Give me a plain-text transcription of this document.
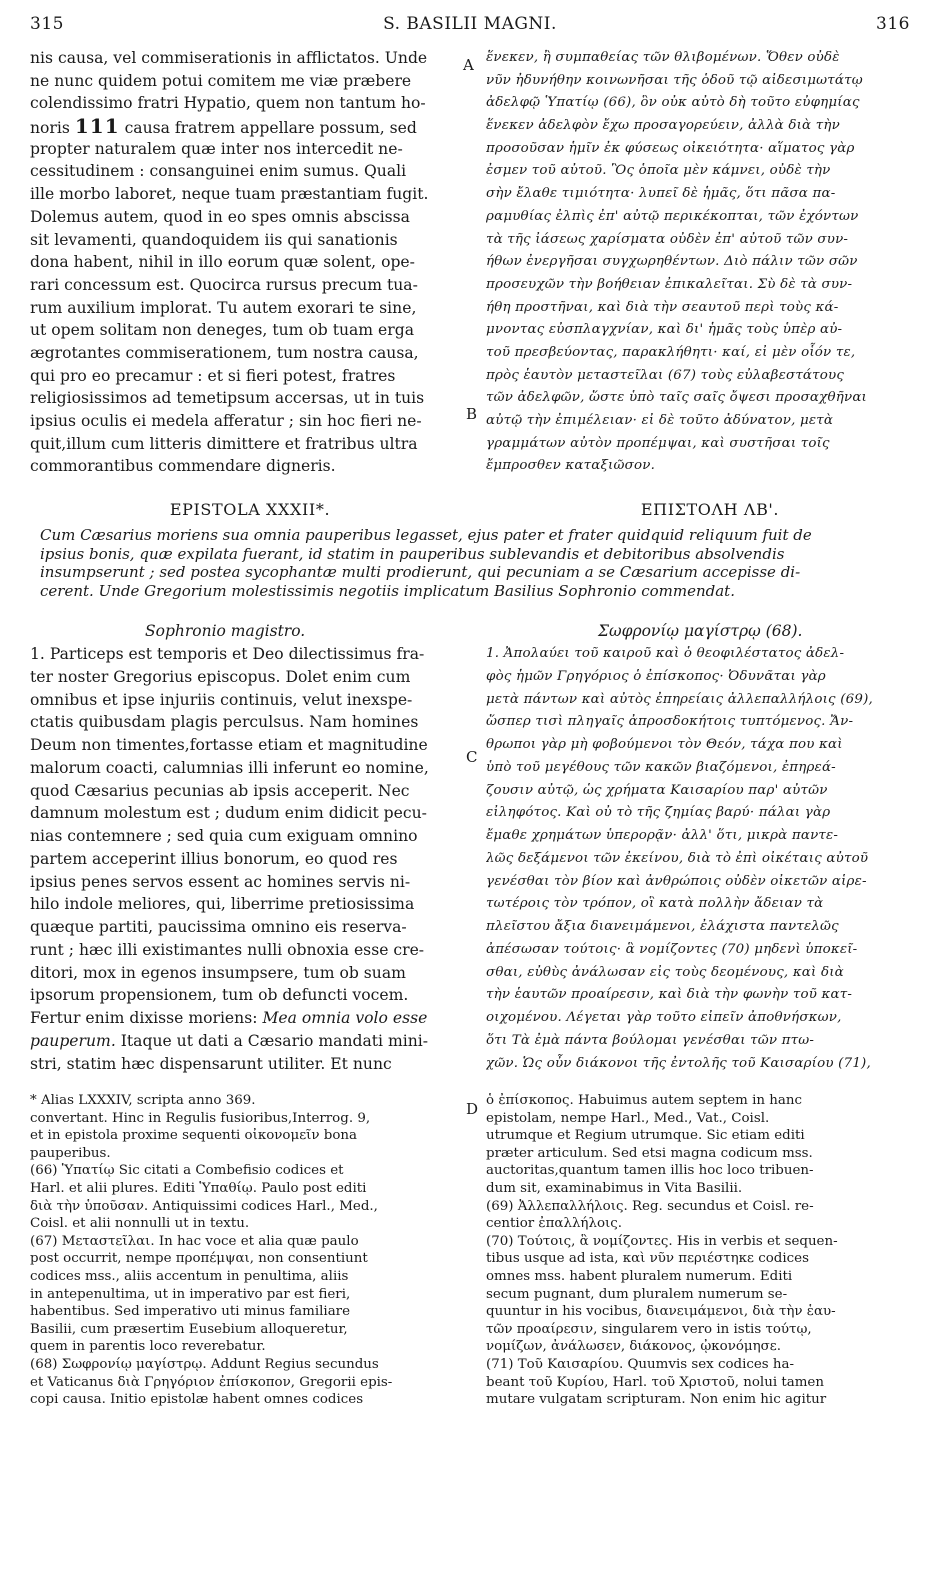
315	S. BASILII MAGNI.	316
A
B
C
D
nis causa, vel commiserationis in afflictatos. Unde
ne nunc quidem potui comitem me viæ præbere
colendissimo fratri Hypatio, quem non tantum ho-
noris 111 causa fratrem appellare possum, sed
propter naturalem quæ inter nos intercedit ne-
cessitudinem : consanguinei enim sumus. Quali
ille morbo laboret, neque tuam præstantiam fugit.
Dolemus autem, quod in eo spes omnis abscissa
sit levamenti, quandoquidem iis qui sanationis
dona habent, nihil in illo eorum quæ solent, ope-
rari concessum est. Quocirca rursus precum tua-
rum auxilium implorat. Tu autem exorari te sine,
ut opem solitam non deneges, tum ob tuam erga
ægrotantes commiserationem, tum nostra causa,
qui pro eo precamur : et si fieri potest, fratres
religiosissimos ad temetipsum accersas, ut in tuis
ipsius oculis ei medela afferatur ; sin hoc fieri ne-
quit,illum cum litteris dimittere et fratribus ultra
commorantibus commendare digneris.
ἕνεκεν, ἢ συμπαθείας τῶν θλιβομένων. Ὅθεν οὐδὲ
νῦν ἠδυνήθην κοινωνῆσαι τῆς ὁδοῦ τῷ αἰδεσιμωτάτῳ
ἀδελφῷ Ὑπατίῳ (66), ὃν οὐκ αὐτὸ δὴ τοῦτο εὐφημίας
ἕνεκεν ἀδελφὸν ἔχω προσαγορεύειν, ἀλλὰ διὰ τὴν
προσοῦσαν ἡμῖν ἐκ φύσεως οἰκειότητα· αἵματος γὰρ
ἐσμεν τοῦ αὐτοῦ. Ὃς ὁποῖα μὲν κάμνει, οὐδὲ τὴν
σὴν ἔλαθε τιμιότητα· λυπεῖ δὲ ἡμᾶς, ὅτι πᾶσα πα-
ραμυθίας ἐλπὶς ἐπ' αὐτῷ περικέκοπται, τῶν ἐχόντων
τὰ τῆς ἰάσεως χαρίσματα οὐδὲν ἐπ' αὐτοῦ τῶν συν-
ήθων ἐνεργῆσαι συγχωρηθέντων. Διὸ πάλιν τῶν σῶν
προσευχῶν τὴν βοήθειαν ἐπικαλεῖται. Σὺ δὲ τὰ συν-
ήθη προστῆναι, καὶ διὰ τὴν σεαυτοῦ περὶ τοὺς κά-
μνοντας εὐσπλαγχνίαν, καὶ δι' ἡμᾶς τοὺς ὑπὲρ αὐ-
τοῦ πρεσβεύοντας, παρακλήθητι· καί, εἰ μὲν οἷόν τε,
πρὸς ἑαυτὸν μεταστεῖλαι (67) τοὺς εὐλαβεστάτους
τῶν ἀδελφῶν, ὥστε ὑπὸ ταῖς σαῖς ὄψεσι προσαχθῆναι
αὐτῷ τὴν ἐπιμέλειαν· εἰ δὲ τοῦτο ἀδύνατον, μετὰ
γραμμάτων αὐτὸν προπέμψαι, καὶ συστῆσαι τοῖς
ἔμπροσθεν καταξιῶσον.
EPISTOLA XXXII*.	ΕΠΙΣΤΟΛΗ ΛΒ'.
Cum Cæsarius moriens sua omnia pauperibus legasset, ejus pater et frater quidquid reliquum fuit de
ipsius bonis, quæ expilata fuerant, id statim in pauperibus sublevandis et debitoribus absolvendis
insumpserunt ; sed postea sycophantæ multi prodierunt, qui pecuniam a se Cæsarium accepisse di-
cerent. Unde Gregorium molestissimis negotiis implicatum Basilius Sophronio commendat.
Sophronio magistro.	Σωφρονίῳ μαγίστρῳ (68).
1. Particeps est temporis et Deo dilectissimus fra-
ter noster Gregorius episcopus. Dolet enim cum
omnibus et ipse injuriis continuis, velut inexspe-
ctatis quibusdam plagis perculsus. Nam homines
Deum non timentes,fortasse etiam et magnitudine
malorum coacti, calumnias illi inferunt eo nomine,
quod Cæsarius pecunias ab ipsis acceperit. Nec
damnum molestum est ; dudum enim didicit pecu-
nias contemnere ; sed quia cum exiguam omnino
partem acceperint illius bonorum, eo quod res
ipsius penes servos essent ac homines servis ni-
hilo indole meliores, qui, liberrime pretiosissima
quæque partiti, paucissima omnino eis reserva-
runt ; hæc illi existimantes nulli obnoxia esse cre-
ditori, mox in egenos insumpsere, tum ob suam
ipsorum propensionem, tum ob defuncti vocem.
Fertur enim dixisse moriens: Mea omnia volo esse
pauperum. Itaque ut dati a Cæsario mandati mini-
stri, statim hæc dispensarunt utiliter. Et nunc
1. Ἀπολαύει τοῦ καιροῦ καὶ ὁ θεοφιλέστατος ἀδελ-
φὸς ἡμῶν Γρηγόριος ὁ ἐπίσκοπος· Ὀδυνᾶται γὰρ
μετὰ πάντων καὶ αὐτὸς ἐπηρείαις ἀλλεπαλλήλοις (69),
ὥσπερ τισὶ πληγαῖς ἀπροσδοκήτοις τυπτόμενος. Ἄν-
θρωποι γὰρ μὴ φοβούμενοι τὸν Θεόν, τάχα που καὶ
ὑπὸ τοῦ μεγέθους τῶν κακῶν βιαζόμενοι, ἐπηρεά-
ζουσιν αὐτῷ, ὡς χρήματα Καισαρίου παρ' αὐτῶν
εἰληφότος. Καὶ οὐ τὸ τῆς ζημίας βαρύ· πάλαι γὰρ
ἔμαθε χρημάτων ὑπερορᾷν· ἀλλ' ὅτι, μικρὰ παντε-
λῶς δεξάμενοι τῶν ἐκείνου, διὰ τὸ ἐπὶ οἰκέταις αὐτοῦ
γενέσθαι τὸν βίον καὶ ἀνθρώποις οὐδὲν οἰκετῶν αἱρε-
τωτέροις τὸν τρόπον, οἳ κατὰ πολλὴν ἄδειαν τὰ
πλεῖστου ἄξια διανειμάμενοι, ἐλάχιστα παντελῶς
ἀπέσωσαν τούτοις· ἃ νομίζοντες (70) μηδενὶ ὑποκεῖ-
σθαι, εὐθὺς ἀνάλωσαν εἰς τοὺς δεομένους, καὶ διὰ
τὴν ἑαυτῶν προαίρεσιν, καὶ διὰ τὴν φωνὴν τοῦ κατ-
οιχομένου. Λέγεται γὰρ τοῦτο εἰπεῖν ἀποθνήσκων,
ὅτι Τὰ ἐμὰ πάντα βούλομαι γενέσθαι τῶν πτω-
χῶν. Ὡς οὖν διάκονοι τῆς ἐντολῆς τοῦ Καισαρίου (71),
* Alias LXXXIV, scripta anno 369.
convertant. Hinc in Regulis fusioribus,Interrog. 9,
et in epistola proxime sequenti οἰκονομεῖν bona
pauperibus.
(66) Ὑπατίῳ Sic citati a Combefisio codices et
Harl. et alii plures. Editi Ὑπαθίῳ. Paulo post editi
διὰ τὴν ὑποῦσαν. Antiquissimi codices Harl., Med.,
Coisl. et alii nonnulli ut in textu.
(67) Μεταστεῖλαι. In hac voce et alia quæ paulo
post occurrit, nempe προπέμψαι, non consentiunt
codices mss., aliis accentum in penultima, aliis
in antepenultima, ut in imperativo par est fieri,
habentibus. Sed imperativo uti minus familiare
Basilii, cum præsertim Eusebium alloqueretur,
quem in parentis loco reverebatur.
(68) Σωφρονίῳ μαγίστρῳ. Addunt Regius secundus
et Vaticanus διὰ Γρηγόριον ἐπίσκοπον, Gregorii epis-
copi causa. Initio epistolæ habent omnes codices
ὁ ἐπίσκοπος. Habuimus autem septem in hanc
epistolam, nempe Harl., Med., Vat., Coisl.
utrumque et Regium utrumque. Sic etiam editi
præter articulum. Sed etsi magna codicum mss.
auctoritas,quantum tamen illis hoc loco tribuen-
dum sit, examinabimus in Vita Basilii.
(69) Ἀλλεπαλλήλοις. Reg. secundus et Coisl. re-
centior ἐπαλλήλοις.
(70) Τούτοις, ἃ νομίζοντες. His in verbis et sequen-
tibus usque ad ista, καὶ νῦν περιέστηκε codices
omnes mss. habent pluralem numerum. Editi
secum pugnant, dum pluralem numerum se-
quuntur in his vocibus, διανειμάμενοι, διὰ τὴν ἑαυ-
τῶν προαίρεσιν, singularem vero in istis τούτῳ,
νομίζων, ἀνάλωσεν, διάκονος, ᾠκονόμησε.
(71) Τοῦ Καισαρίου. Quumvis sex codices ha-
beant τοῦ Κυρίου, Harl. τοῦ Χριστοῦ, nolui tamen
mutare vulgatam scripturam. Non enim hic agitur
